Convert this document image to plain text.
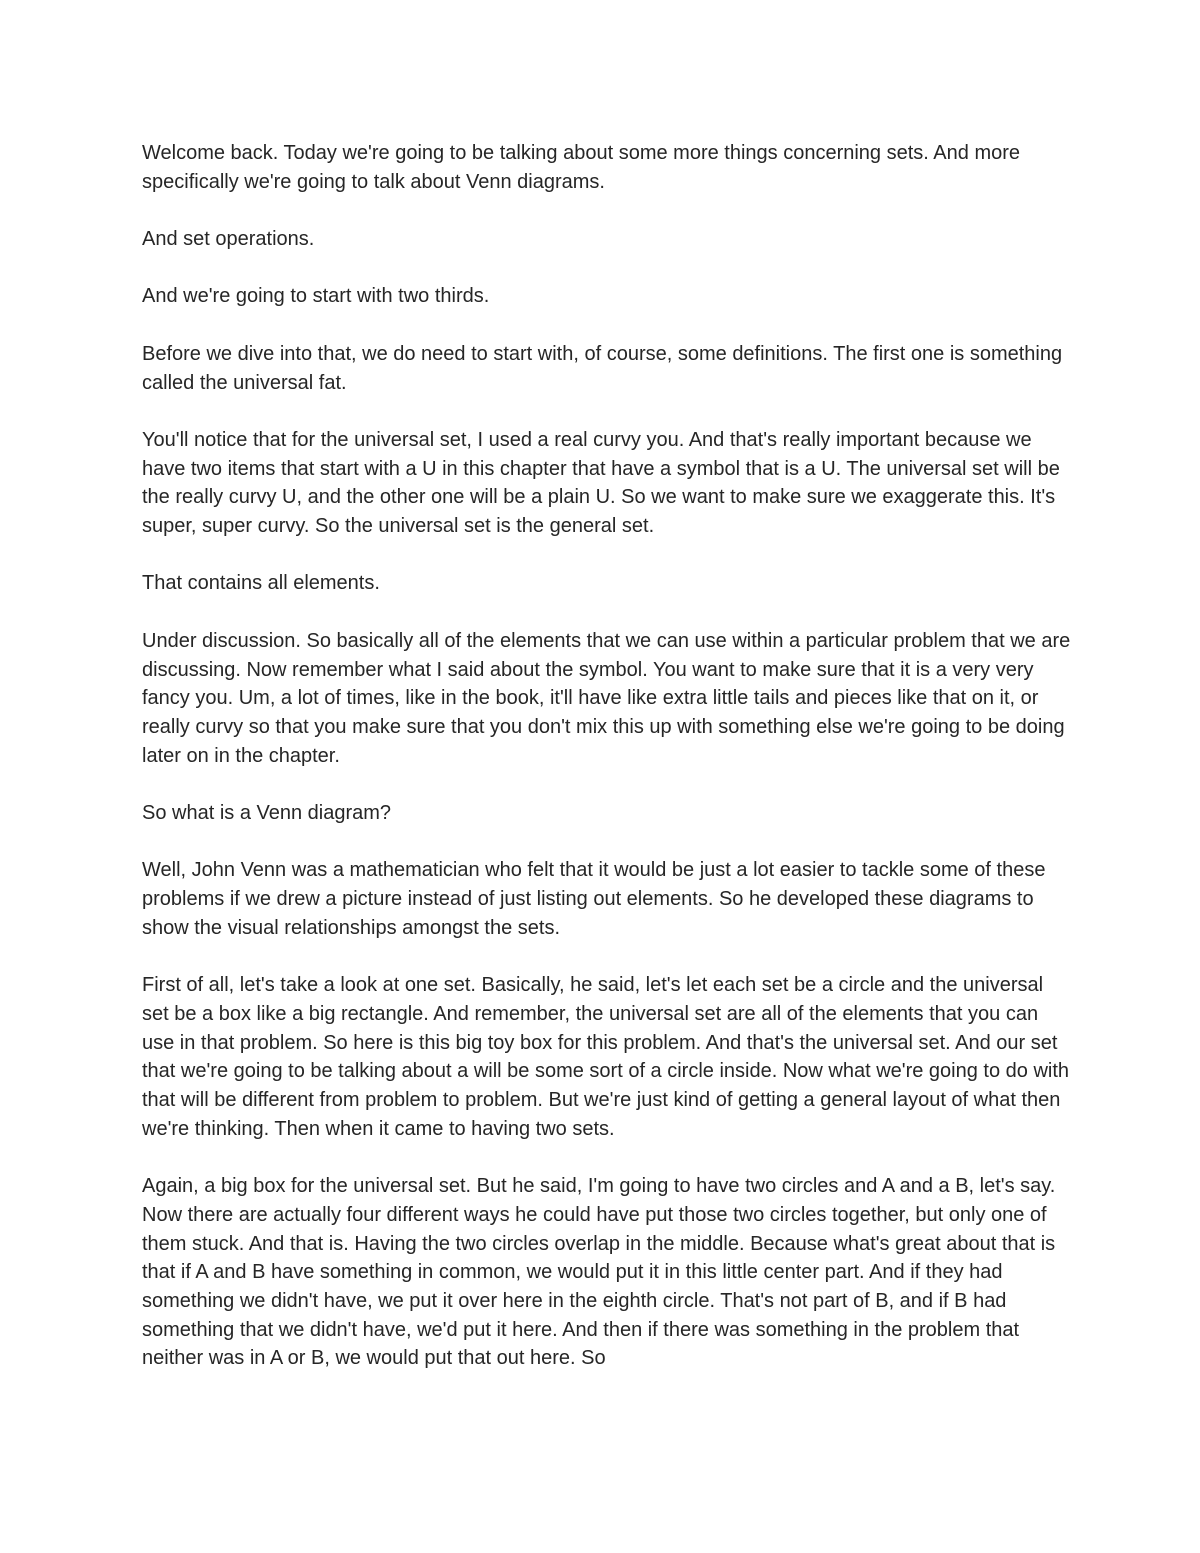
Welcome back. Today we're going to be talking about some more things concerning sets. And more specifically we're going to talk about Venn diagrams.

And set operations.

And we're going to start with two thirds.

Before we dive into that, we do need to start with, of course, some definitions. The first one is something called the universal fat.

You'll notice that for the universal set, I used a real curvy you. And that's really important because we have two items that start with a U in this chapter that have a symbol that is a U. The universal set will be the really curvy U, and the other one will be a plain U. So we want to make sure we exaggerate this. It's super, super curvy. So the universal set is the general set.

That contains all elements.

Under discussion. So basically all of the elements that we can use within a particular problem that we are discussing. Now remember what I said about the symbol. You want to make sure that it is a very very fancy you. Um, a lot of times, like in the book, it'll have like extra little tails and pieces like that on it, or really curvy so that you make sure that you don't mix this up with something else we're going to be doing later on in the chapter.

So what is a Venn diagram?

Well, John Venn was a mathematician who felt that it would be just a lot easier to tackle some of these problems if we drew a picture instead of just listing out elements. So he developed these diagrams to show the visual relationships amongst the sets.

First of all, let's take a look at one set. Basically, he said, let's let each set be a circle and the universal set be a box like a big rectangle. And remember, the universal set are all of the elements that you can use in that problem. So here is this big toy box for this problem. And that's the universal set. And our set that we're going to be talking about a will be some sort of a circle inside. Now what we're going to do with that will be different from problem to problem. But we're just kind of getting a general layout of what then we're thinking. Then when it came to having two sets.

Again, a big box for the universal set. But he said, I'm going to have two circles and A and a B, let's say. Now there are actually four different ways he could have put those two circles together, but only one of them stuck. And that is. Having the two circles overlap in the middle. Because what's great about that is that if A and B have something in common, we would put it in this little center part. And if they had something we didn't have, we put it over here in the eighth circle. That's not part of B, and if B had something that we didn't have, we'd put it here. And then if there was something in the problem that neither was in A or B, we would put that out here. So
